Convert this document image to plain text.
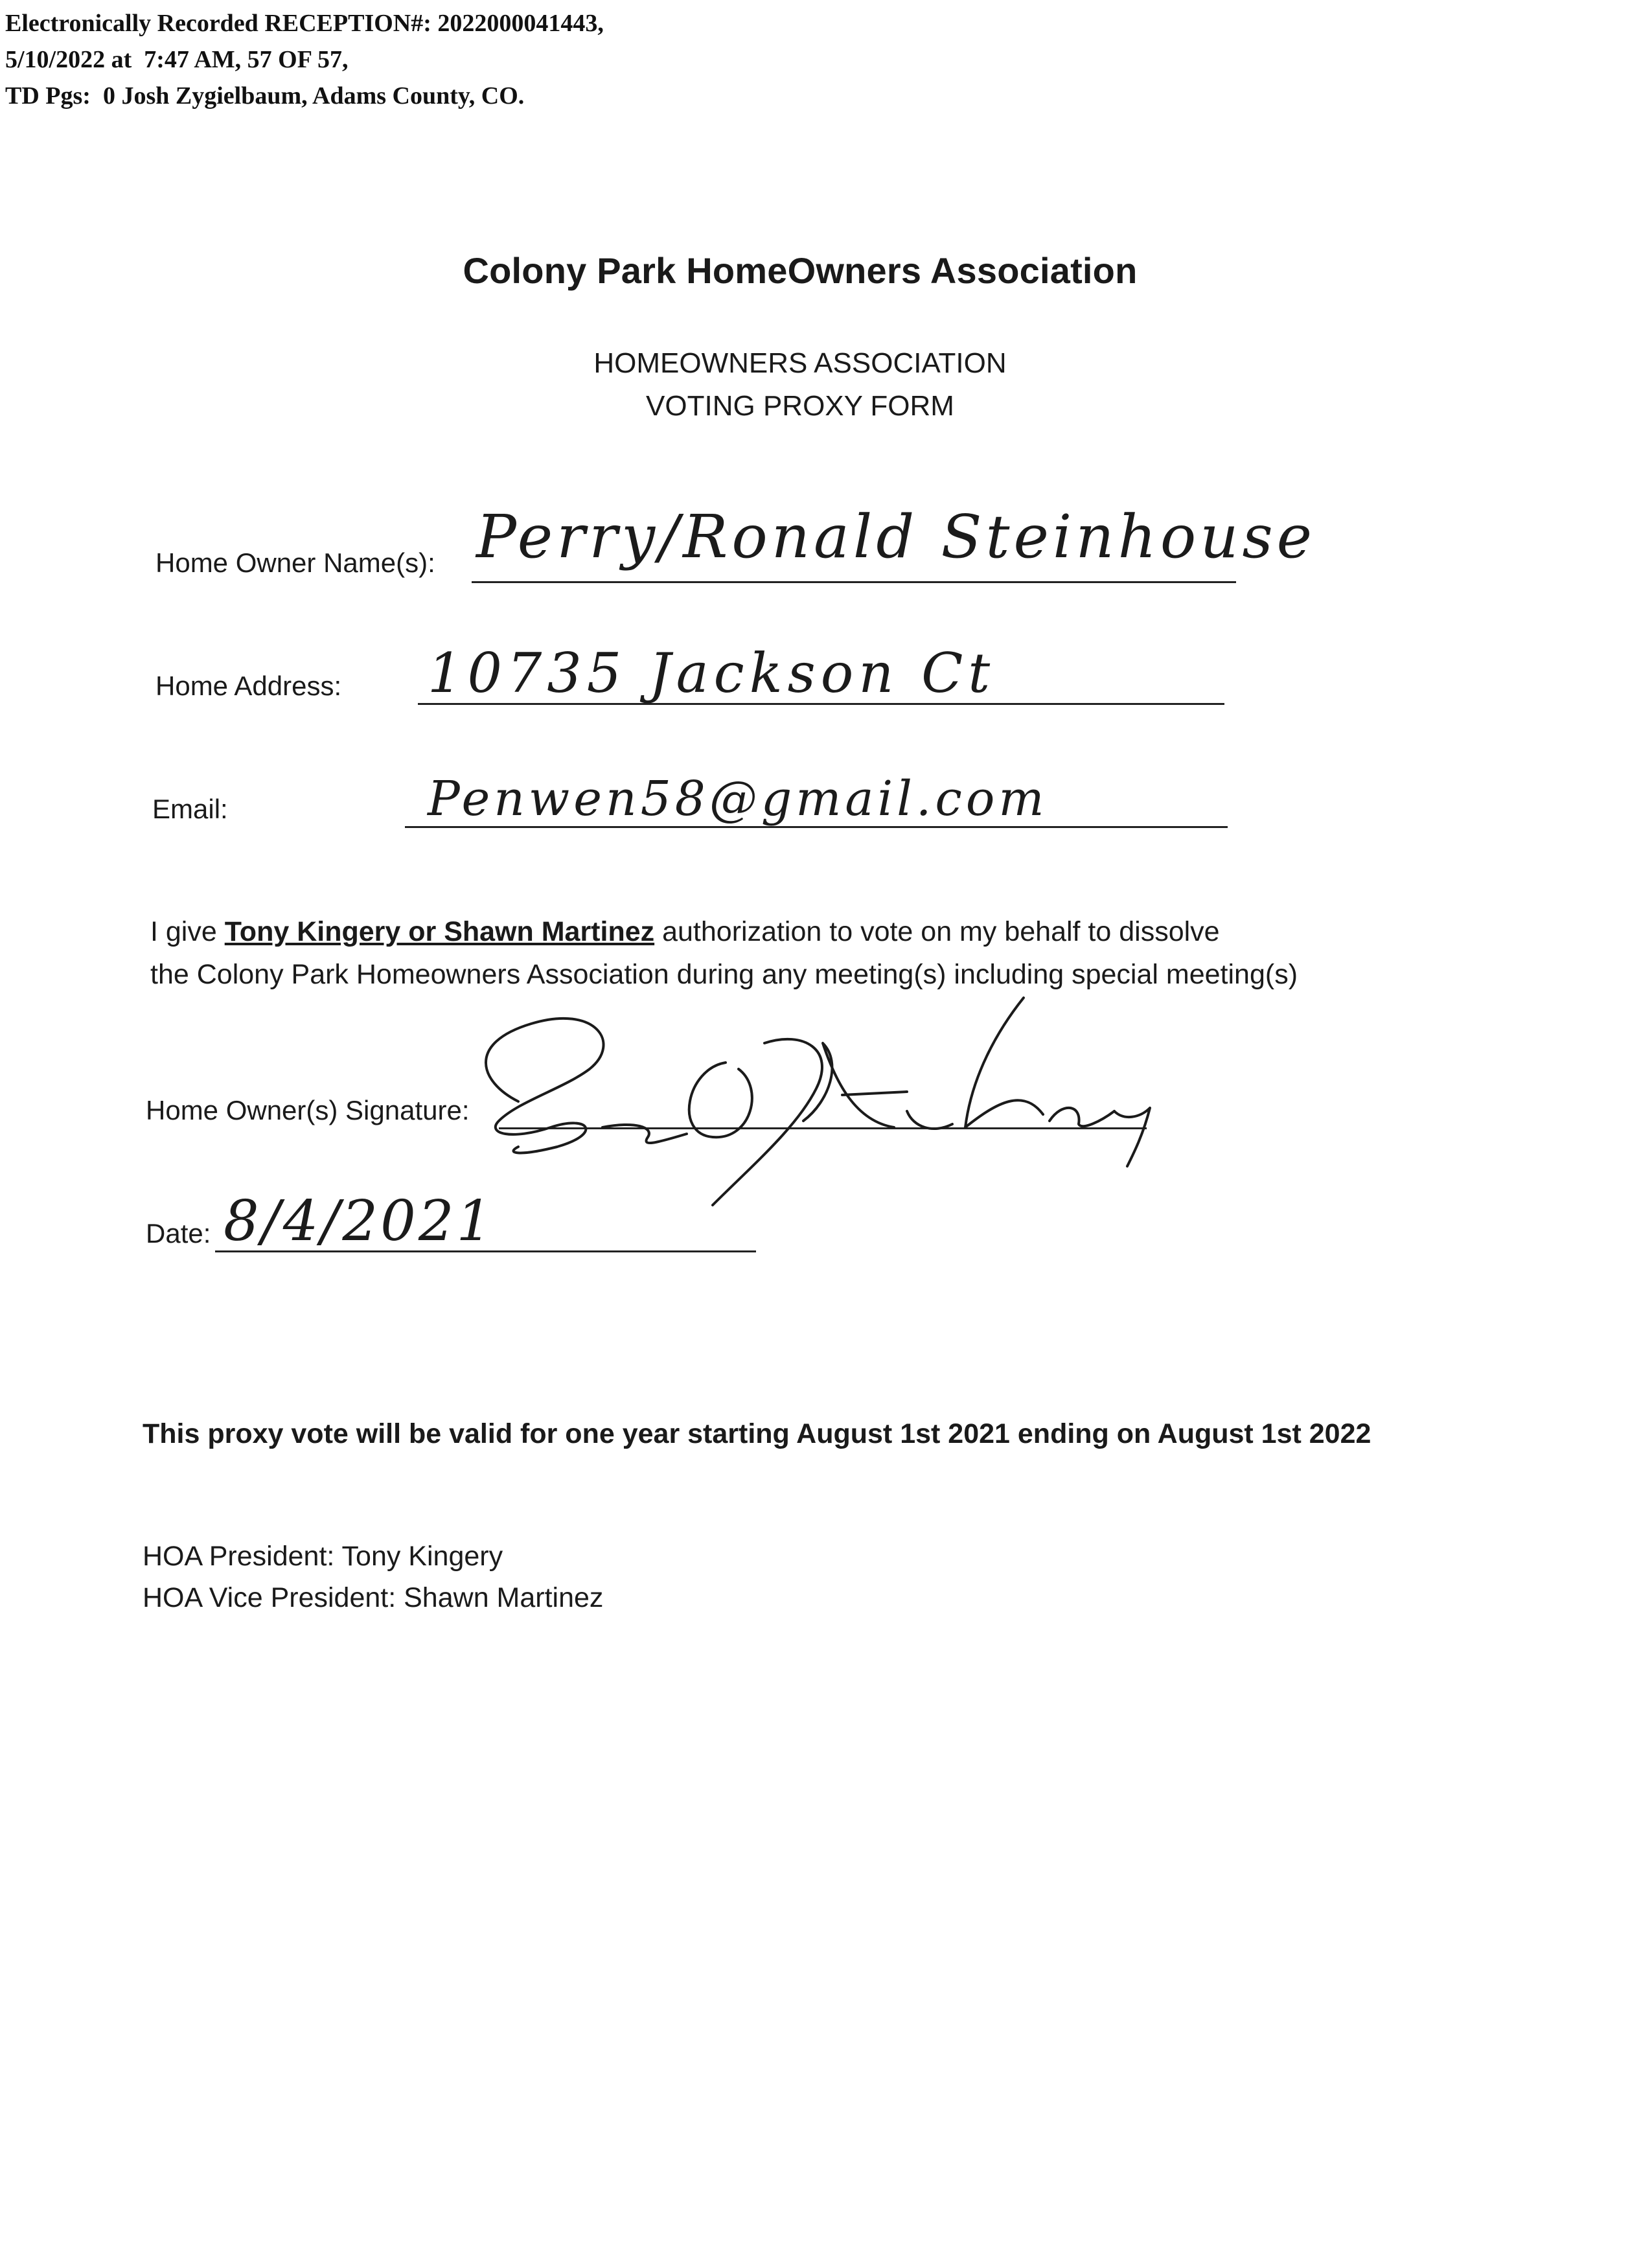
Electronically Recorded RECEPTION#: 2022000041443,
5/10/2022 at  7:47 AM, 57 OF 57,
TD Pgs:  0 Josh Zygielbaum, Adams County, CO.
Colony Park HomeOwners Association
HOMEOWNERS ASSOCIATION
VOTING PROXY FORM
Home Owner Name(s): Perry/Ronald Steinhouse
Home Address: 10735 Jackson Ct
Email:	Penwen58@gmail.com
I give Tony Kingery or Shawn Martinez authorization to vote on my behalf to dissolve
the Colony Park Homeowners Association during any meeting(s) including special meeting(s)
Home Owner(s) Signature:
Date: 8/4/2021
This proxy vote will be valid for one year starting August 1st 2021 ending on August 1st 2022
HOA President: Tony Kingery
HOA Vice President: Shawn Martinez
